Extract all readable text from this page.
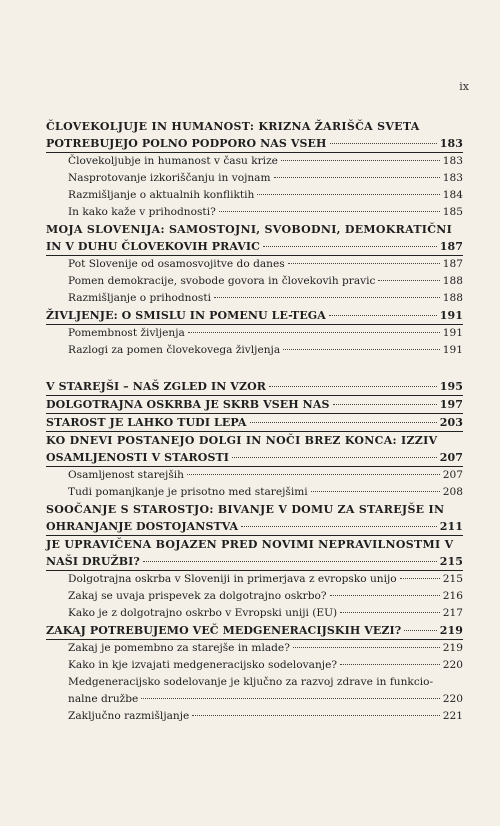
ix
ČLOVEKOLJUJE IN HUMANOST: KRIZNA ŽARIŠČA SVETA
POTREBUJEJO POLNO PODPORO NAS VSEH	183
Človekoljubje in humanost v času krize	183
Nasprotovanje izkoriščanju in vojnam	183
Razmišljanje o aktualnih konfliktih	184
In kako kaže v prihodnosti?	185
MOJA SLOVENIJA: SAMOSTOJNI, SVOBODNI, DEMOKRATIČNI
IN V DUHU ČLOVEKOVIH PRAVIC	187
Pot Slovenije od osamosvojitve do danes	187
Pomen demokracije, svobode govora in človekovih pravic	188
Razmišljanje o prihodnosti	188
ŽIVLJENJE: O SMISLU IN POMENU LE-TEGA	191
Pomembnost življenja	191
Razlogi za pomen človekovega življenja	191
V STAREJŠI – NAŠ ZGLED IN VZOR	195
DOLGOTRAJNA OSKRBA JE SKRB VSEH NAS	197
STAROST JE LAHKO TUDI LEPA	203
KO DNEVI POSTANEJO DOLGI IN NOČI BREZ KONCA: IZZIV
OSAMLJENOSTI V STAROSTI	207
Osamljenost starejših	207
Tudi pomanjkanje je prisotno med starejšimi	208
SOOČANJE S STAROSTJO: BIVANJE V DOMU ZA STAREJŠE IN
OHRANJANJE DOSTOJANSTVA	211
JE UPRAVIČENA BOJAZEN PRED NOVIMI NEPRAVILNOSTMI V
NAŠI DRUŽBI?	215
Dolgotrajna oskrba v Sloveniji in primerjava z evropsko unijo	215
Zakaj se uvaja prispevek za dolgotrajno oskrbo?	216
Kako je z dolgotrajno oskrbo v Evropski uniji (EU)	217
ZAKAJ POTREBUJEMO VEČ MEDGENERACIJSKIH VEZI?	219
Zakaj je pomembno za starejše in mlade?	219
Kako in kje izvajati medgeneracijsko sodelovanje?	220
Medgeneracijsko sodelovanje je ključno za razvoj zdrave in funkcio-
nalne družbe	220
Zaključno razmišljanje	221
